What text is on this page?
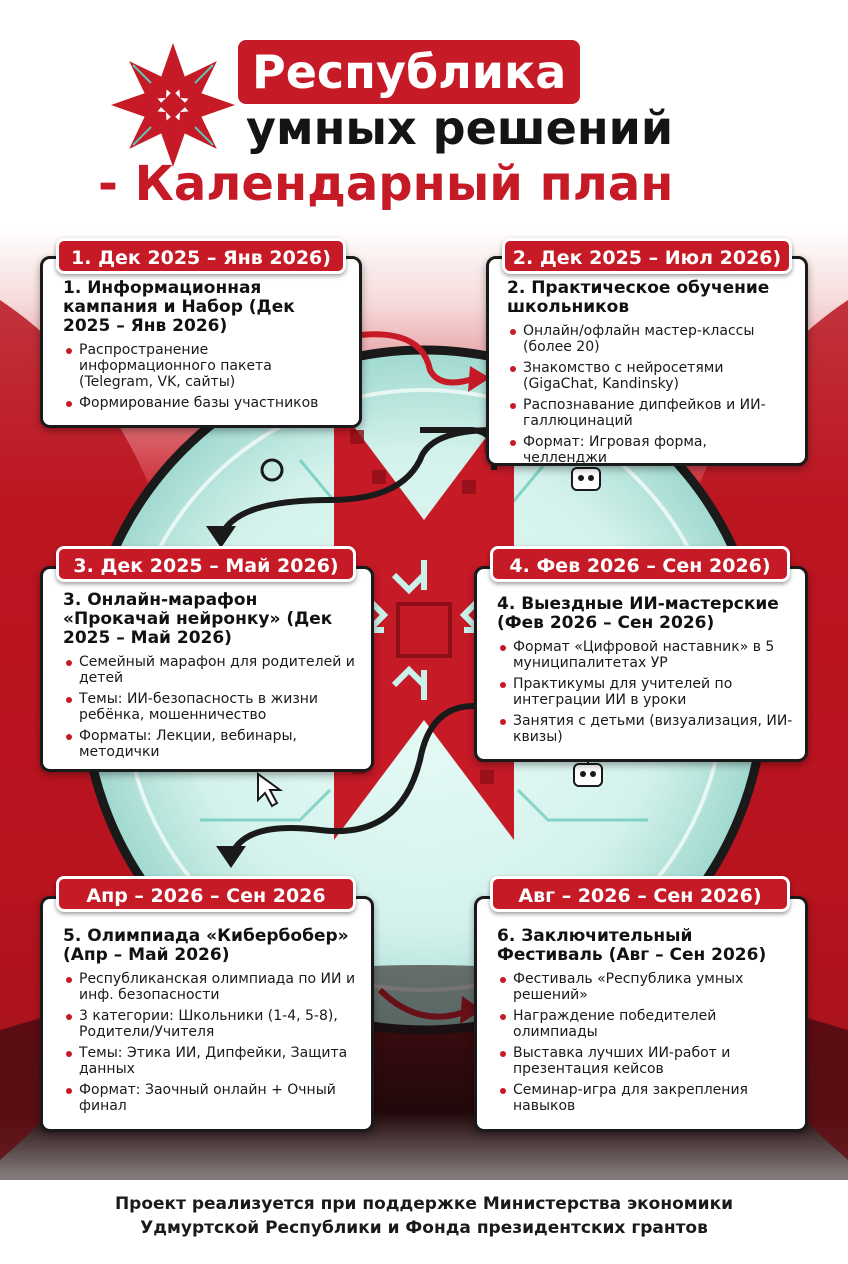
Республика
умных решений
- Календарный план
1. Информационная кампания и Набор (Дек 2025 – Янв 2026)
Распространение информационного пакета (Telegram, VK, сайты)
Формирование базы участников
1. Дек 2025 – Янв 2026)
2. Практическое обучение школьников
Онлайн/офлайн мастер-классы (более 20)
Знакомство с нейросетями (GigaChat, Kandinsky)
Распознавание дипфейков и ИИ-галлюцинаций
Формат: Игровая форма, челленджи
2. Дек 2025 – Июл 2026)
3. Онлайн-марафон «Прокачай нейронку» (Дек 2025 – Май 2026)
Семейный марафон для родителей и детей
Темы: ИИ-безопасность в жизни ребёнка, мошенничество
Форматы: Лекции, вебинары, методички
3. Дек 2025 – Май 2026)
4. Выездные ИИ-мастерские (Фев 2026 – Сен 2026)
Формат «Цифровой наставник» в 5 муниципалитетах УР
Практикумы для учителей по интеграции ИИ в уроки
Занятия с детьми (визуализация, ИИ-квизы)
4. Фев 2026 – Сен 2026)
5. Олимпиада «Кибербобер» (Апр – Май 2026)
Республиканская олимпиада по ИИ и инф. безопасности
3 категории: Школьники (1-4, 5-8), Родители/Учителя
Темы: Этика ИИ, Дипфейки, Защита данных
Формат: Заочный онлайн + Очный финал
Апр – 2026 – Сен 2026
6. Заключительный Фестиваль (Авг – Сен 2026)
Фестиваль «Республика умных решений»
Награждение победителей олимпиады
Выставка лучших ИИ-работ и презентация кейсов
Семинар-игра для закрепления навыков
Авг – 2026 – Сен 2026)
Проект реализуется при поддержке Министерства экономики
Удмуртской Республики и Фонда президентских грантов
